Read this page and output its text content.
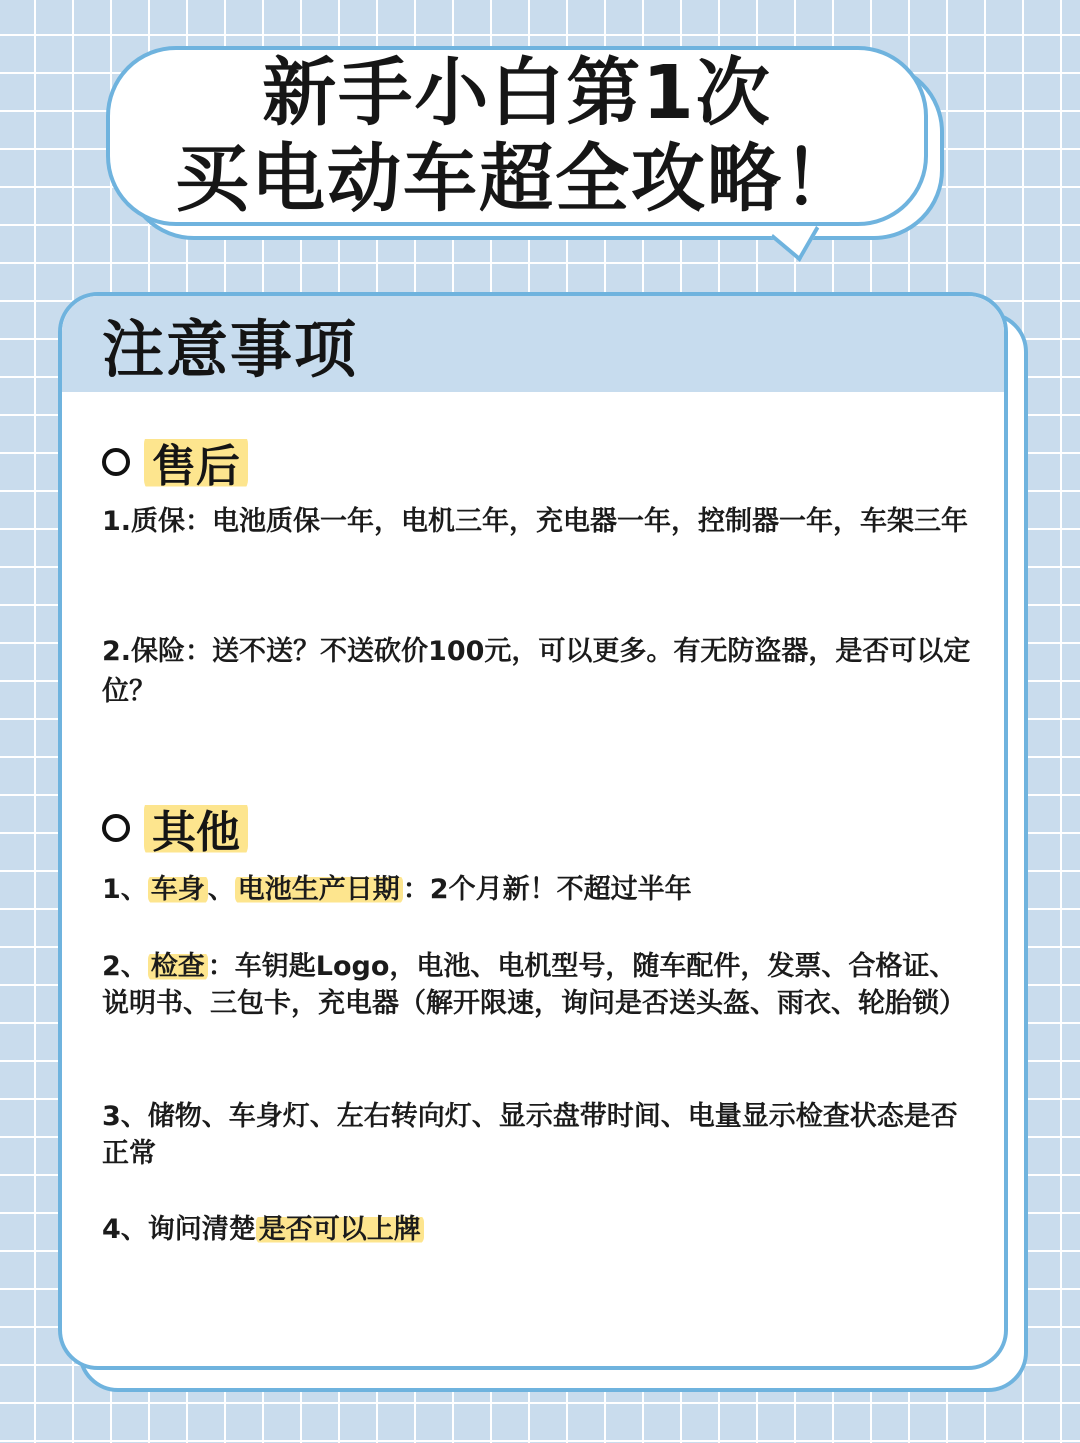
新手小白第1次
买电动车超全攻略！
注意事项
售后
1.质保：电池质保一年，电机三年，充电器一年，控制器一年，车架三年
2.保险：送不送？不送砍价100元，可以更多。有无防盗器，是否可以定位？
其他
1、 车身 、 电池生产日期 ：2个月新！不超过半年
2、 检查 ：车钥匙Logo，电池、电机型号，随车配件，发票、合格证、说明书、三包卡，充电器（解开限速，询问是否送头盔、雨衣、轮胎锁）
3、储物、车身灯、左右转向灯、显示盘带时间、电量显示检查状态是否正常
4、询问清楚 是否可以上牌
